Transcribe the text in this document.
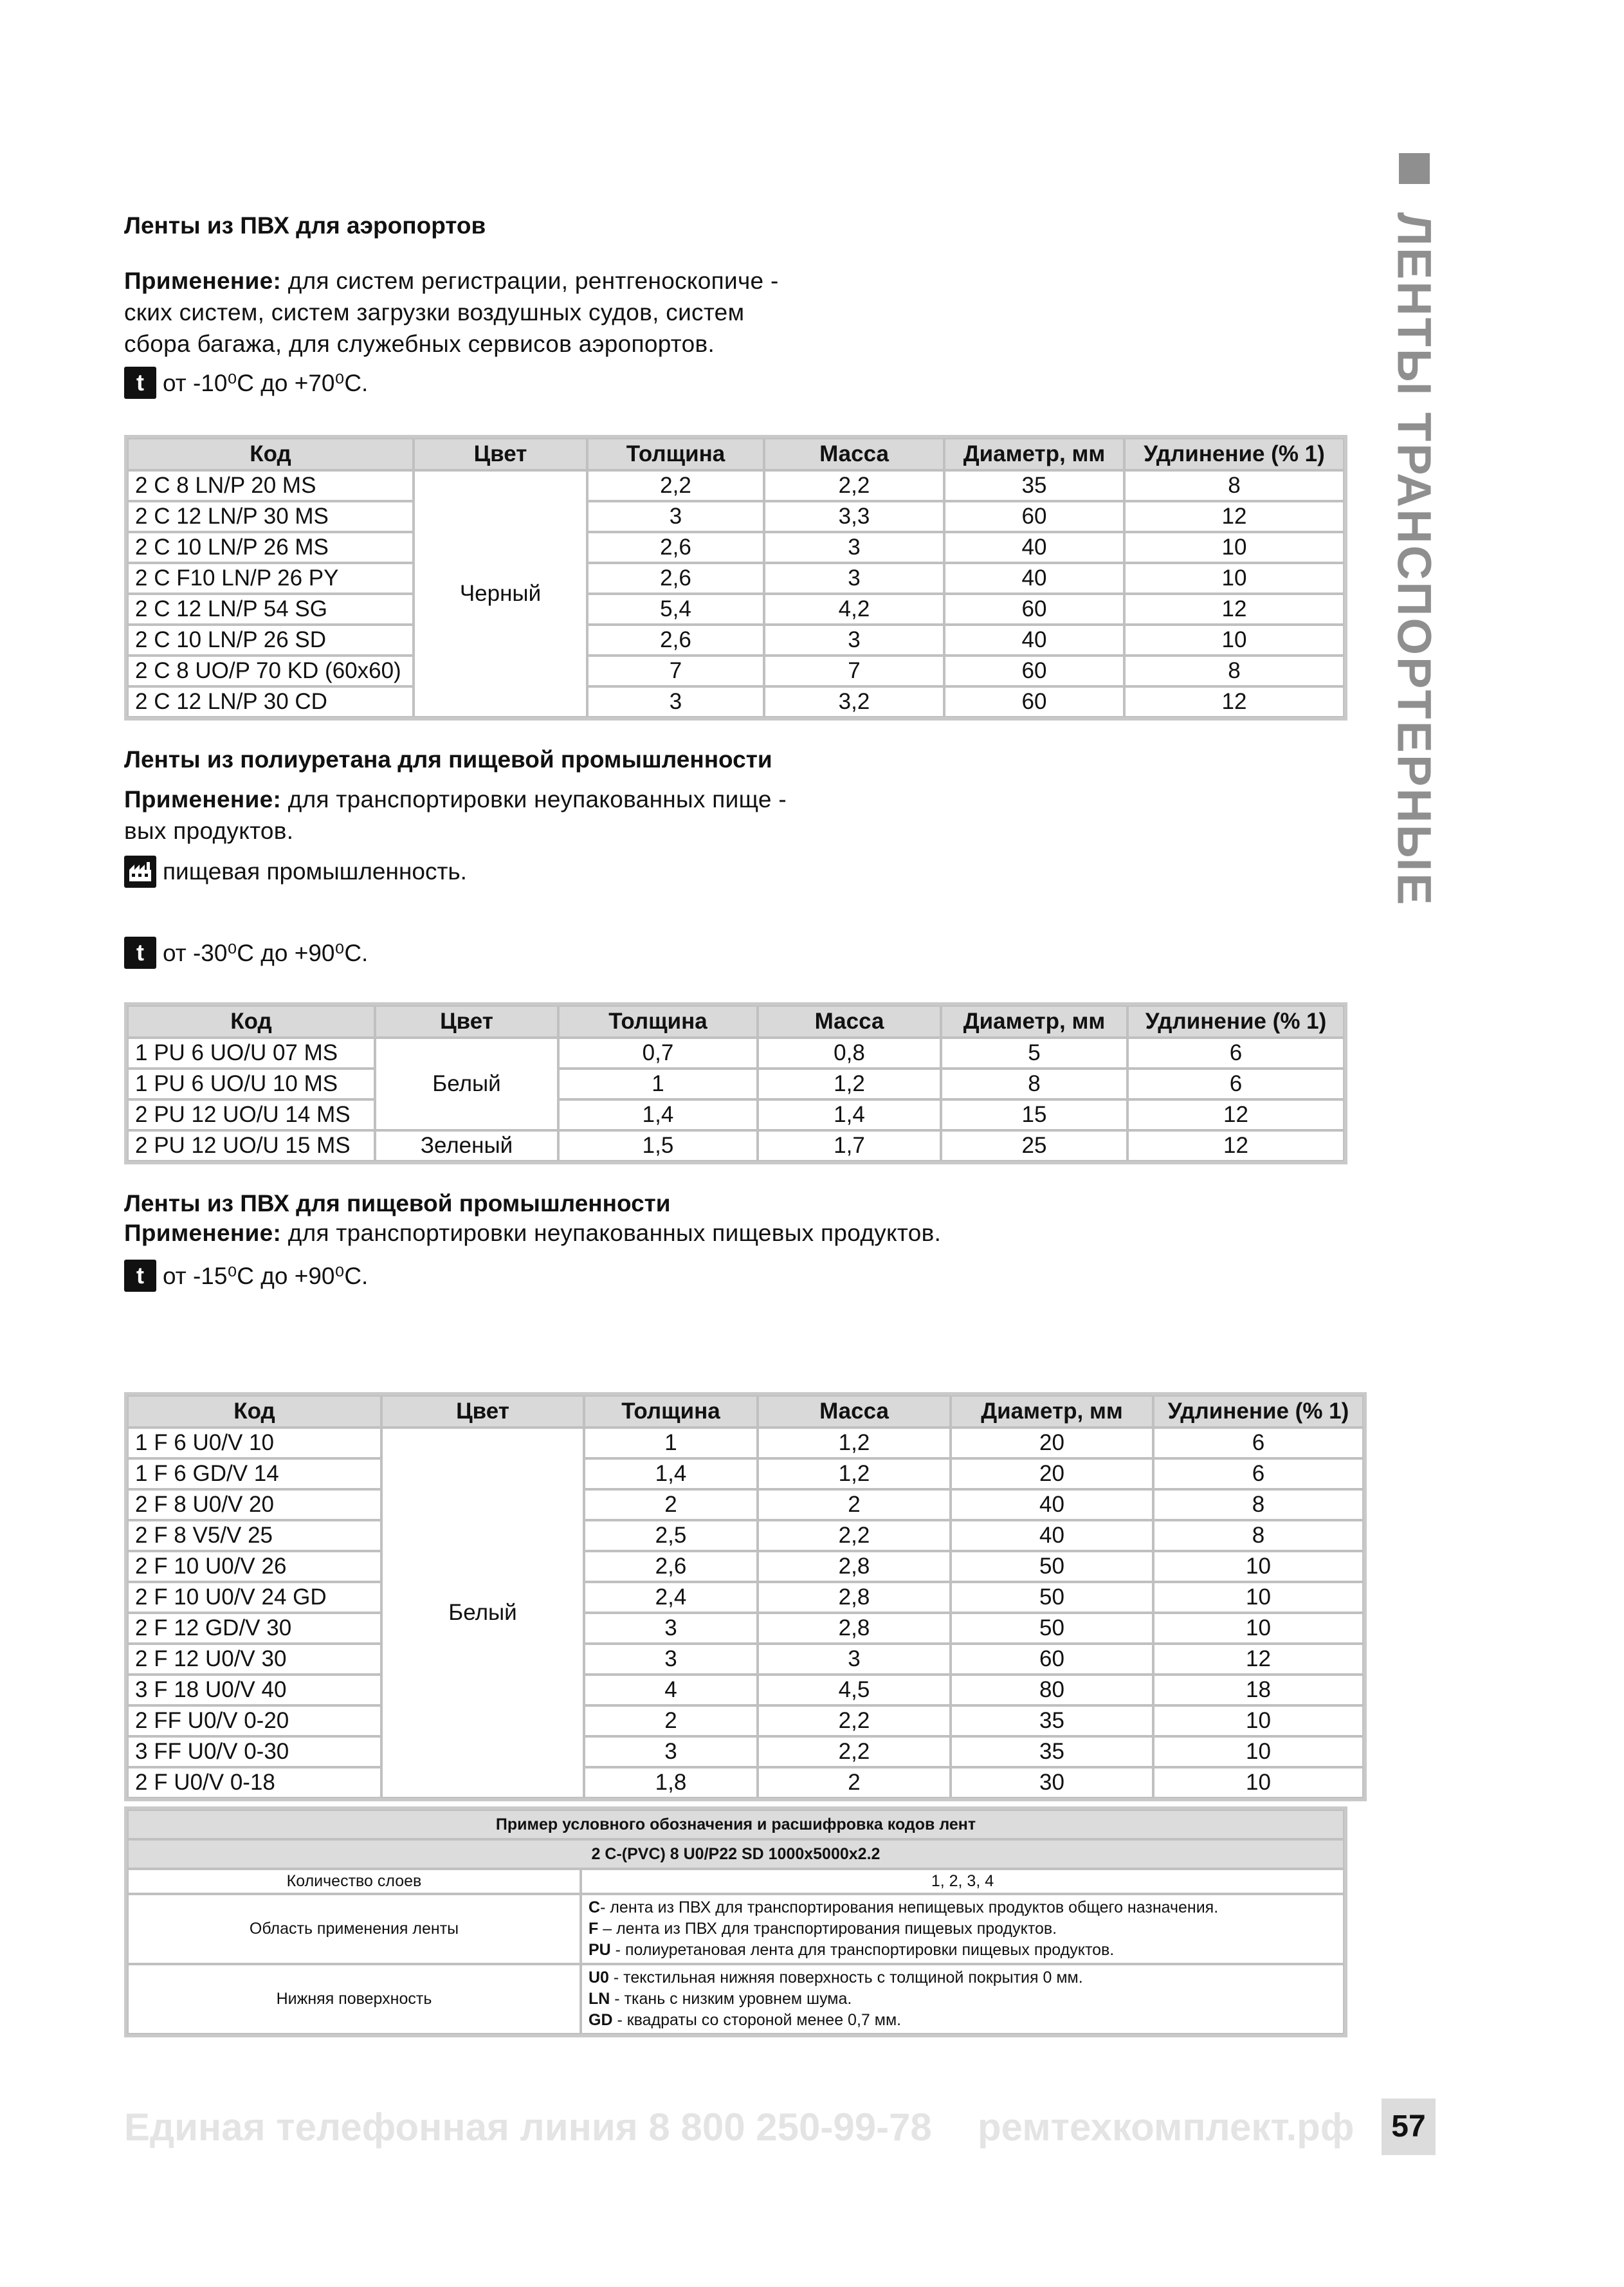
ЛЕНТЫ ТРАНСПОРТЕРНЫЕ
Ленты из ПВХ для аэропортов
Применение: для систем регистрации, рентгеноскопиче -
ских систем, систем загрузки воздушных судов, систем
сбора багажа, для служебных сервисов аэропортов.
t от -10⁰С до +70⁰С.
Код	Цвет	Толщина	Масса	Диаметр, мм	Удлинение (% 1)
2 C 8 LN/P 20 MS	Черный	2,2	2,2	35	8
2 C 12 LN/P 30 MS		3	3,3	60	12
2 C 10 LN/P 26 MS		2,6	3	40	10
2 C F10 LN/P 26 PY		2,6	3	40	10
2 C 12 LN/P 54 SG		5,4	4,2	60	12
2 C 10 LN/P 26 SD		2,6	3	40	10
2 C 8 UO/P 70 KD (60x60)		7	7	60	8
2 C 12 LN/P 30 CD		3	3,2	60	12
Ленты из полиуретана для пищевой промышленности
Применение: для транспортировки неупакованных пище -
вых продуктов.
пищевая промышленность.
t от -30⁰С до +90⁰С.
Код	Цвет	Толщина	Масса	Диаметр, мм	Удлинение (% 1)
1 PU 6 UO/U 07 MS	Белый	0,7	0,8	5	6
1 PU 6 UO/U 10 MS		1	1,2	8	6
2 PU 12 UO/U 14 MS		1,4	1,4	15	12
2 PU 12 UO/U 15 MS	Зеленый	1,5	1,7	25	12
Ленты из ПВХ для пищевой промышленности
Применение: для транспортировки неупакованных пищевых продуктов.
t от -15⁰С до +90⁰С.
Код	Цвет	Толщина	Масса	Диаметр, мм	Удлинение (% 1)
1 F 6 U0/V 10	Белый	1	1,2	20	6
1 F 6 GD/V 14		1,4	1,2	20	6
2 F 8 U0/V 20		2	2	40	8
2 F 8 V5/V 25		2,5	2,2	40	8
2 F 10 U0/V 26		2,6	2,8	50	10
2 F 10 U0/V 24 GD		2,4	2,8	50	10
2 F 12 GD/V 30		3	2,8	50	10
2 F 12 U0/V 30		3	3	60	12
3 F 18 U0/V 40		4	4,5	80	18
2 FF U0/V 0-20		2	2,2	35	10
3 FF U0/V 0-30		3	2,2	35	10
2 F U0/V 0-18		1,8	2	30	10
Пример условного обозначения и расшифровка кодов лент	
2 C-(PVC) 8 U0/P22 SD 1000x5000x2.2	
Количество слоев	1, 2, 3, 4
Область применения ленты	C- лента из ПВХ для транспортирования непищевых продуктов общего назначения.
F – лента из ПВХ для транспортирования пищевых продуктов.
PU - полиуретановая лента для транспортировки пищевых продуктов.

Нижняя поверхность	U0 - текстильная нижняя поверхность с толщиной покрытия 0 мм.
LN - ткань с низким уровнем шума.
GD - квадраты со стороной менее 0,7 мм.
Единая телефонная линия 8 800 250-99-78 ремтехкомплект.рф	57
